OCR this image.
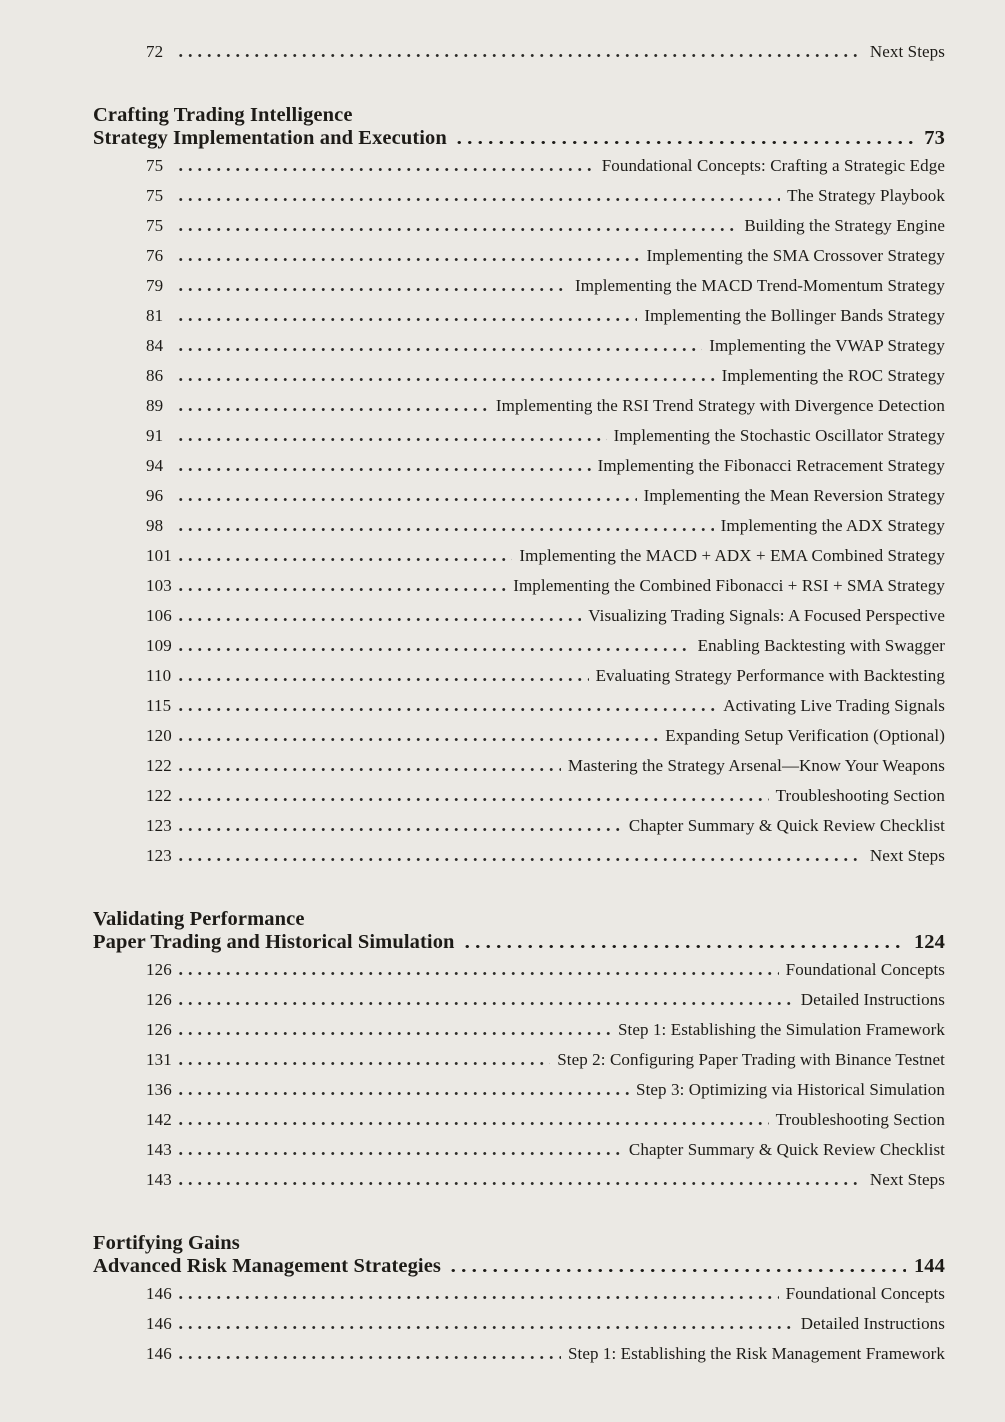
72	Next Steps
Crafting Trading Intelligence
Strategy Implementation and Execution	73
75	Foundational Concepts: Crafting a Strategic Edge
75	The Strategy Playbook
75	Building the Strategy Engine
76	Implementing the SMA Crossover Strategy
79	Implementing the MACD Trend-Momentum Strategy
81	Implementing the Bollinger Bands Strategy
84	Implementing the VWAP Strategy
86	Implementing the ROC Strategy
89	Implementing the RSI Trend Strategy with Divergence Detection
91	Implementing the Stochastic Oscillator Strategy
94	Implementing the Fibonacci Retracement Strategy
96	Implementing the Mean Reversion Strategy
98	Implementing the ADX Strategy
101	Implementing the MACD + ADX + EMA Combined Strategy
103	Implementing the Combined Fibonacci + RSI + SMA Strategy
106	Visualizing Trading Signals: A Focused Perspective
109	Enabling Backtesting with Swagger
110	Evaluating Strategy Performance with Backtesting
115	Activating Live Trading Signals
120	Expanding Setup Verification (Optional)
122	Mastering the Strategy Arsenal—Know Your Weapons
122	Troubleshooting Section
123	Chapter Summary & Quick Review Checklist
123	Next Steps
Validating Performance
Paper Trading and Historical Simulation	124
126	Foundational Concepts
126	Detailed Instructions
126	Step 1: Establishing the Simulation Framework
131	Step 2: Configuring Paper Trading with Binance Testnet
136	Step 3: Optimizing via Historical Simulation
142	Troubleshooting Section
143	Chapter Summary & Quick Review Checklist
143	Next Steps
Fortifying Gains
Advanced Risk Management Strategies	144
146	Foundational Concepts
146	Detailed Instructions
146	Step 1: Establishing the Risk Management Framework
